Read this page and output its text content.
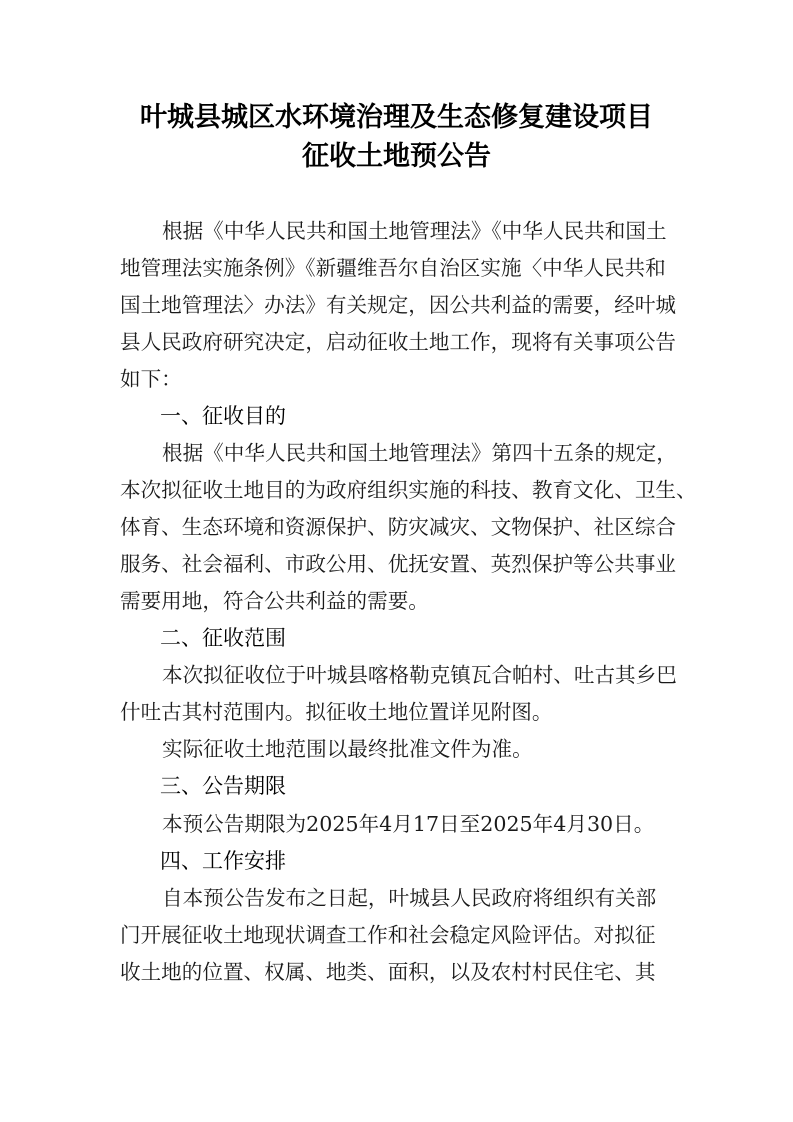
叶城县城区水环境治理及生态修复建设项目
征收土地预公告
根据《中华人民共和国土地管理法》《中华人民共和国土
地管理法实施条例》《新疆维吾尔自治区实施〈中华人民共和
国土地管理法〉办法》有关规定，因公共利益的需要，经叶城
县人民政府研究决定，启动征收土地工作，现将有关事项公告
如下：
一、征收目的
根据《中华人民共和国土地管理法》第四十五条的规定，
本次拟征收土地目的为政府组织实施的科技、教育文化、卫生、
体育、生态环境和资源保护、防灾减灾、文物保护、社区综合
服务、社会福利、市政公用、优抚安置、英烈保护等公共事业
需要用地，符合公共利益的需要。
二、征收范围
本次拟征收位于叶城县喀格勒克镇瓦合帕村、吐古其乡巴
什吐古其村范围内。拟征收土地位置详见附图。
实际征收土地范围以最终批准文件为准。
三、公告期限
本预公告期限为2025年4月17日至2025年4月30日。
四、工作安排
自本预公告发布之日起，叶城县人民政府将组织有关部
门开展征收土地现状调查工作和社会稳定风险评估。对拟征
收土地的位置、权属、地类、面积，以及农村村民住宅、其
